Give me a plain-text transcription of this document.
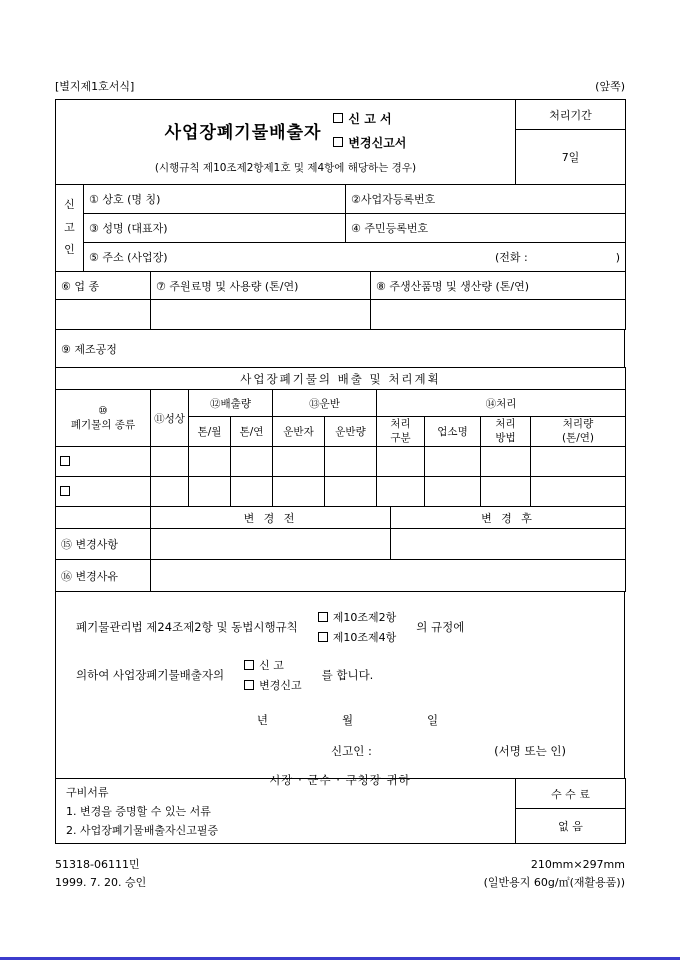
[별지제1호서식]	(앞쪽)
사업장폐기물배출자
신 고 서
변경신고서
(시행규칙 제10조제2항제1호 및 제4항에 해당하는 경우)
	처리기간
7일
신고인	① 상호 (명 칭)	②사업자등록번호
	③ 성명 (대표자)	④ 주민등록번호

	⑤ 주소 (사업장) (전화 : )	
⑥ 업 종	⑦ 주원료명 및 사용량 (톤/연)	⑧ 주생산품명 및 생산량 (톤/연)

⑨ 제조공정
사업장폐기물의 배출 및 처리계획									

⑩
폐기물의 종류	⑪성상	⑫배출량		⑬운반		⑭처리			
		톤/월	톤/연	운반자	운반량	처리구분	업소명	처리방법	처리량(톤/연)

	변 경 전	변 경 후
⑮ 변경사항		
⑯ 변경사유		
폐기물관리법 제24조제2항 및 동법시행규칙
제10조제2항
제10조제4항
의 규정에
의하여 사업장폐기물배출자의
신 고
변경신고
를 합니다.
년	월	일
신고인 :	(서명 또는 인)
시장 · 군수 · 구청장 귀하
구비서류
1. 변경을 증명할 수 있는 서류
2. 사업장폐기물배출자신고필증
	수 수 료
없 음
51318-06111민
1999. 7. 20. 승인
210mm×297mm
(일반용지 60g/㎡(재활용품))
